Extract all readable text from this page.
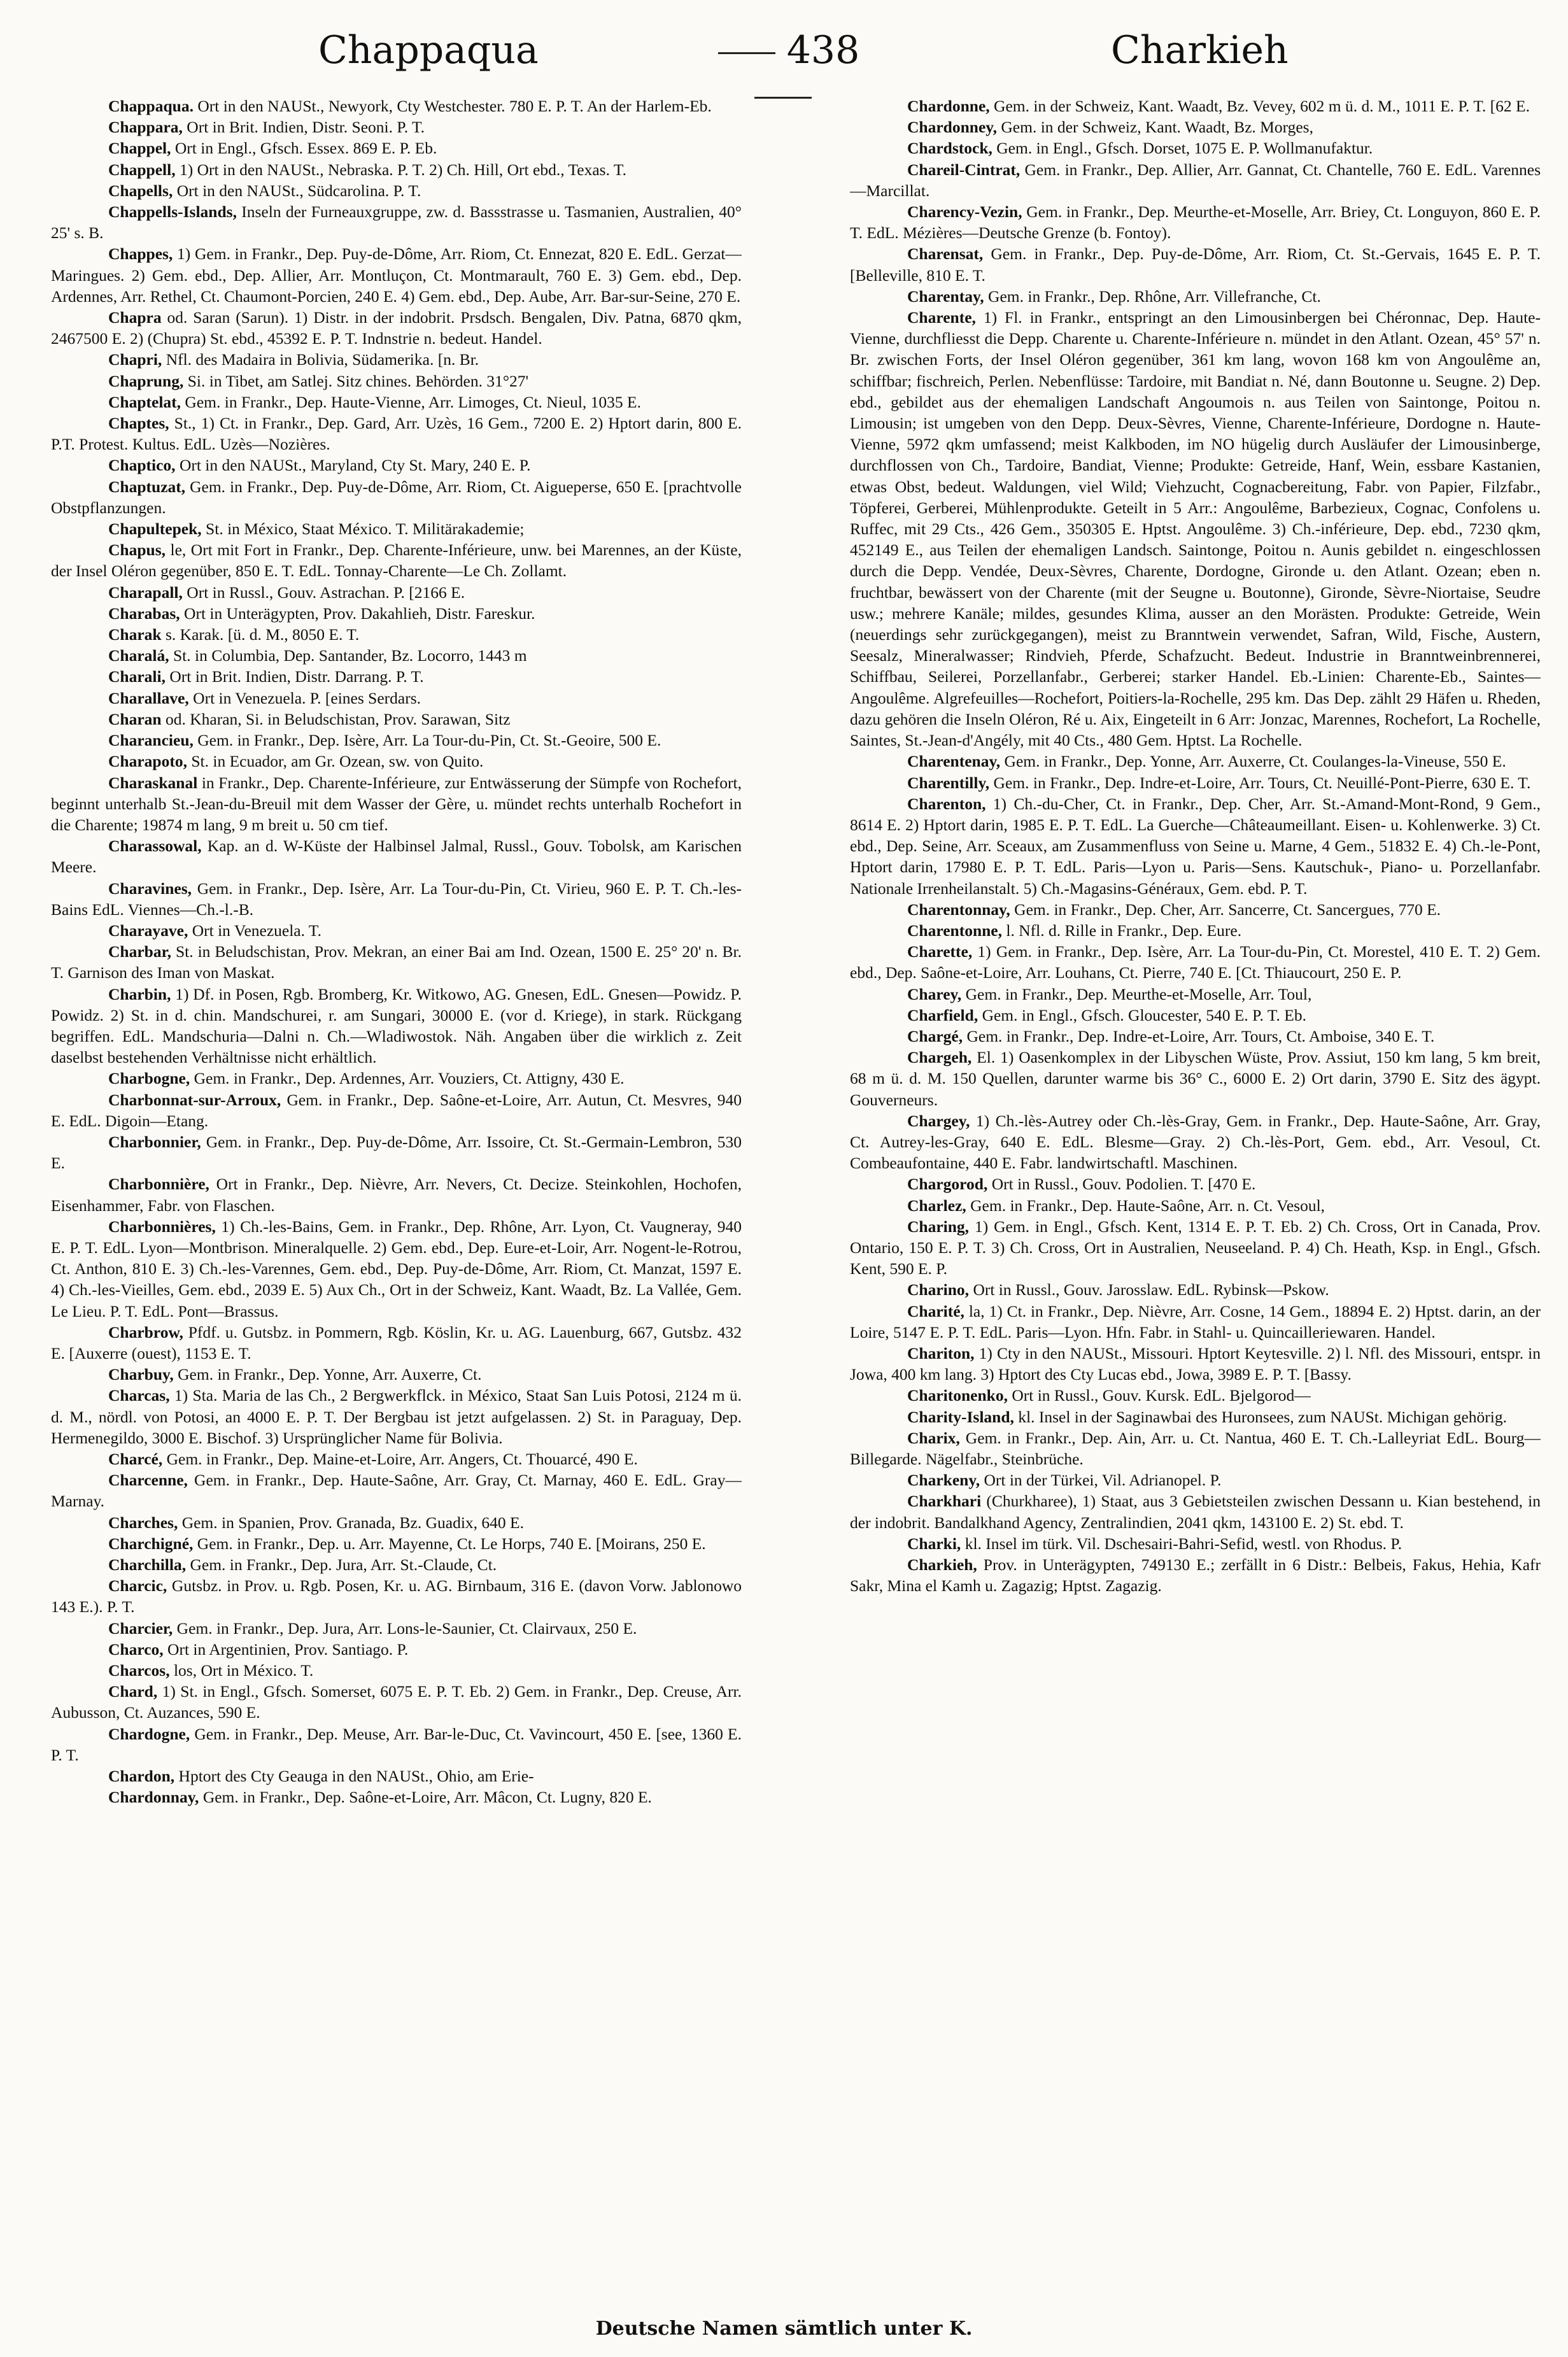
Chappaqua	438	Charkieh

Chappaqua. Ort in den NAUSt., Newyork, Cty Westchester. 780 E. P. T. An der Harlem-Eb.

Chappara, Ort in Brit. Indien, Distr. Seoni. P. T.

Chappel, Ort in Engl., Gfsch. Essex. 869 E. P. Eb.

Chappell, 1) Ort in den NAUSt., Nebraska. P. T. 2) Ch. Hill, Ort ebd., Texas. T.

Chapells, Ort in den NAUSt., Südcarolina. P. T.

Chappells-Islands, Inseln der Furneauxgruppe, zw. d. Bassstrasse u. Tasmanien, Australien, 40° 25' s. B.

Chappes, 1) Gem. in Frankr., Dep. Puy-de-Dôme, Arr. Riom, Ct. Ennezat, 820 E. EdL. Gerzat—Maringues. 2) Gem. ebd., Dep. Allier, Arr. Montluçon, Ct. Montmarault, 760 E. 3) Gem. ebd., Dep. Ardennes, Arr. Rethel, Ct. Chaumont-Porcien, 240 E. 4) Gem. ebd., Dep. Aube, Arr. Bar-sur-Seine, 270 E.

Chapra od. Saran (Sarun). 1) Distr. in der indobrit. Prsdsch. Bengalen, Div. Patna, 6870 qkm, 2467500 E. 2) (Chupra) St. ebd., 45392 E. P. T. Indnstrie n. bedeut. Handel.

Chapri, Nfl. des Madaira in Bolivia, Südamerika. [n. Br.

Chaprung, Si. in Tibet, am Satlej. Sitz chines. Behörden. 31°27'

Chaptelat, Gem. in Frankr., Dep. Haute-Vienne, Arr. Limoges, Ct. Nieul, 1035 E.

Chaptes, St., 1) Ct. in Frankr., Dep. Gard, Arr. Uzès, 16 Gem., 7200 E. 2) Hptort darin, 800 E. P.T. Protest. Kultus. EdL. Uzès—Nozières.

Chaptico, Ort in den NAUSt., Maryland, Cty St. Mary, 240 E. P.

Chaptuzat, Gem. in Frankr., Dep. Puy-de-Dôme, Arr. Riom, Ct. Aigueperse, 650 E. [prachtvolle Obstpflanzungen.

Chapultepek, St. in México, Staat México. T. Militärakademie;

Chapus, le, Ort mit Fort in Frankr., Dep. Charente-Inférieure, unw. bei Marennes, an der Küste, der Insel Oléron gegenüber, 850 E. T. EdL. Tonnay-Charente—Le Ch. Zollamt.

Charapall, Ort in Russl., Gouv. Astrachan. P. [2166 E.

Charabas, Ort in Unterägypten, Prov. Dakahlieh, Distr. Fareskur.

Charak s. Karak. [ü. d. M., 8050 E. T.

Charalá, St. in Columbia, Dep. Santander, Bz. Locorro, 1443 m

Charali, Ort in Brit. Indien, Distr. Darrang. P. T.

Charallave, Ort in Venezuela. P. [eines Serdars.

Charan od. Kharan, Si. in Beludschistan, Prov. Sarawan, Sitz

Charancieu, Gem. in Frankr., Dep. Isère, Arr. La Tour-du-Pin, Ct. St.-Geoire, 500 E.

Charapoto, St. in Ecuador, am Gr. Ozean, sw. von Quito.

Charaskanal in Frankr., Dep. Charente-Inférieure, zur Entwässerung der Sümpfe von Rochefort, beginnt unterhalb St.-Jean-du-Breuil mit dem Wasser der Gère, u. mündet rechts unterhalb Rochefort in die Charente; 19874 m lang, 9 m breit u. 50 cm tief.

Charassowal, Kap. an d. W-Küste der Halbinsel Jalmal, Russl., Gouv. Tobolsk, am Karischen Meere.

Charavines, Gem. in Frankr., Dep. Isère, Arr. La Tour-du-Pin, Ct. Virieu, 960 E. P. T. Ch.-les-Bains EdL. Viennes—Ch.-l.-B.

Charayave, Ort in Venezuela. T.

Charbar, St. in Beludschistan, Prov. Mekran, an einer Bai am Ind. Ozean, 1500 E. 25° 20' n. Br. T. Garnison des Iman von Maskat.

Charbin, 1) Df. in Posen, Rgb. Bromberg, Kr. Witkowo, AG. Gnesen, EdL. Gnesen—Powidz. P. Powidz. 2) St. in d. chin. Mandschurei, r. am Sungari, 30000 E. (vor d. Kriege), in stark. Rückgang begriffen. EdL. Mandschuria—Dalni n. Ch.—Wladiwostok. Näh. Angaben über die wirklich z. Zeit daselbst bestehenden Verhältnisse nicht erhältlich.

Charbogne, Gem. in Frankr., Dep. Ardennes, Arr. Vouziers, Ct. Attigny, 430 E.

Charbonnat-sur-Arroux, Gem. in Frankr., Dep. Saône-et-Loire, Arr. Autun, Ct. Mesvres, 940 E. EdL. Digoin—Etang.

Charbonnier, Gem. in Frankr., Dep. Puy-de-Dôme, Arr. Issoire, Ct. St.-Germain-Lembron, 530 E.

Charbonnière, Ort in Frankr., Dep. Nièvre, Arr. Nevers, Ct. Decize. Steinkohlen, Hochofen, Eisenhammer, Fabr. von Flaschen.

Charbonnières, 1) Ch.-les-Bains, Gem. in Frankr., Dep. Rhône, Arr. Lyon, Ct. Vaugneray, 940 E. P. T. EdL. Lyon—Montbrison. Mineralquelle. 2) Gem. ebd., Dep. Eure-et-Loir, Arr. Nogent-le-Rotrou, Ct. Anthon, 810 E. 3) Ch.-les-Varennes, Gem. ebd., Dep. Puy-de-Dôme, Arr. Riom, Ct. Manzat, 1597 E. 4) Ch.-les-Vieilles, Gem. ebd., 2039 E. 5) Aux Ch., Ort in der Schweiz, Kant. Waadt, Bz. La Vallée, Gem. Le Lieu. P. T. EdL. Pont—Brassus.

Charbrow, Pfdf. u. Gutsbz. in Pommern, Rgb. Köslin, Kr. u. AG. Lauenburg, 667, Gutsbz. 432 E. [Auxerre (ouest), 1153 E. T.

Charbuy, Gem. in Frankr., Dep. Yonne, Arr. Auxerre, Ct.

Charcas, 1) Sta. Maria de las Ch., 2 Bergwerkflck. in México, Staat San Luis Potosi, 2124 m ü. d. M., nördl. von Potosi, an 4000 E. P. T. Der Bergbau ist jetzt aufgelassen. 2) St. in Paraguay, Dep. Hermenegildo, 3000 E. Bischof. 3) Ursprünglicher Name für Bolivia.

Charcé, Gem. in Frankr., Dep. Maine-et-Loire, Arr. Angers, Ct. Thouarcé, 490 E.

Charcenne, Gem. in Frankr., Dep. Haute-Saône, Arr. Gray, Ct. Marnay, 460 E. EdL. Gray—Marnay.

Charches, Gem. in Spanien, Prov. Granada, Bz. Guadix, 640 E.

Charchigné, Gem. in Frankr., Dep. u. Arr. Mayenne, Ct. Le Horps, 740 E. [Moirans, 250 E.

Charchilla, Gem. in Frankr., Dep. Jura, Arr. St.-Claude, Ct.

Charcic, Gutsbz. in Prov. u. Rgb. Posen, Kr. u. AG. Birnbaum, 316 E. (davon Vorw. Jablonowo 143 E.). P. T.

Charcier, Gem. in Frankr., Dep. Jura, Arr. Lons-le-Saunier, Ct. Clairvaux, 250 E.

Charco, Ort in Argentinien, Prov. Santiago. P.

Charcos, los, Ort in México. T.

Chard, 1) St. in Engl., Gfsch. Somerset, 6075 E. P. T. Eb. 2) Gem. in Frankr., Dep. Creuse, Arr. Aubusson, Ct. Auzances, 590 E.

Chardogne, Gem. in Frankr., Dep. Meuse, Arr. Bar-le-Duc, Ct. Vavincourt, 450 E. [see, 1360 E. P. T.

Chardon, Hptort des Cty Geauga in den NAUSt., Ohio, am Erie-

Chardonnay, Gem. in Frankr., Dep. Saône-et-Loire, Arr. Mâcon, Ct. Lugny, 820 E.

Chardonne, Gem. in der Schweiz, Kant. Waadt, Bz. Vevey, 602 m ü. d. M., 1011 E. P. T. [62 E.

Chardonney, Gem. in der Schweiz, Kant. Waadt, Bz. Morges,

Chardstock, Gem. in Engl., Gfsch. Dorset, 1075 E. P. Wollmanufaktur.

Chareil-Cintrat, Gem. in Frankr., Dep. Allier, Arr. Gannat, Ct. Chantelle, 760 E. EdL. Varennes—Marcillat.

Charency-Vezin, Gem. in Frankr., Dep. Meurthe-et-Moselle, Arr. Briey, Ct. Longuyon, 860 E. P. T. EdL. Mézières—Deutsche Grenze (b. Fontoy).

Charensat, Gem. in Frankr., Dep. Puy-de-Dôme, Arr. Riom, Ct. St.-Gervais, 1645 E. P. T. [Belleville, 810 E. T.

Charentay, Gem. in Frankr., Dep. Rhône, Arr. Villefranche, Ct.

Charente, 1) Fl. in Frankr., entspringt an den Limousinbergen bei Chéronnac, Dep. Haute-Vienne, durchfliesst die Depp. Charente u. Charente-Inférieure n. mündet in den Atlant. Ozean, 45° 57' n. Br. zwischen Forts, der Insel Oléron gegenüber, 361 km lang, wovon 168 km von Angoulême an, schiffbar; fischreich, Perlen. Nebenflüsse: Tardoire, mit Bandiat n. Né, dann Boutonne u. Seugne. 2) Dep. ebd., gebildet aus der ehemaligen Landschaft Angoumois n. aus Teilen von Saintonge, Poitou n. Limousin; ist umgeben von den Depp. Deux-Sèvres, Vienne, Charente-Inférieure, Dordogne n. Haute-Vienne, 5972 qkm umfassend; meist Kalkboden, im NO hügelig durch Ausläufer der Limousinberge, durchflossen von Ch., Tardoire, Bandiat, Vienne; Produkte: Getreide, Hanf, Wein, essbare Kastanien, etwas Obst, bedeut. Waldungen, viel Wild; Viehzucht, Cognacbereitung, Fabr. von Papier, Filzfabr., Töpferei, Gerberei, Mühlenprodukte. Geteilt in 5 Arr.: Angoulême, Barbezieux, Cognac, Confolens u. Ruffec, mit 29 Cts., 426 Gem., 350305 E. Hptst. Angoulême. 3) Ch.-inférieure, Dep. ebd., 7230 qkm, 452149 E., aus Teilen der ehemaligen Landsch. Saintonge, Poitou n. Aunis gebildet n. eingeschlossen durch die Depp. Vendée, Deux-Sèvres, Charente, Dordogne, Gironde u. den Atlant. Ozean; eben n. fruchtbar, bewässert von der Charente (mit der Seugne u. Boutonne), Gironde, Sèvre-Niortaise, Seudre usw.; mehrere Kanäle; mildes, gesundes Klima, ausser an den Morästen. Produkte: Getreide, Wein (neuerdings sehr zurückgegangen), meist zu Branntwein verwendet, Safran, Wild, Fische, Austern, Seesalz, Mineralwasser; Rindvieh, Pferde, Schafzucht. Bedeut. Industrie in Branntweinbrennerei, Schiffbau, Seilerei, Porzellanfabr., Gerberei; starker Handel. Eb.-Linien: Charente-Eb., Saintes—Angoulême. Algrefeuilles—Rochefort, Poitiers-la-Rochelle, 295 km. Das Dep. zählt 29 Häfen u. Rheden, dazu gehören die Inseln Oléron, Ré u. Aix, Eingeteilt in 6 Arr: Jonzac, Marennes, Rochefort, La Rochelle, Saintes, St.-Jean-d'Angély, mit 40 Cts., 480 Gem. Hptst. La Rochelle.

Charentenay, Gem. in Frankr., Dep. Yonne, Arr. Auxerre, Ct. Coulanges-la-Vineuse, 550 E.

Charentilly, Gem. in Frankr., Dep. Indre-et-Loire, Arr. Tours, Ct. Neuillé-Pont-Pierre, 630 E. T.

Charenton, 1) Ch.-du-Cher, Ct. in Frankr., Dep. Cher, Arr. St.-Amand-Mont-Rond, 9 Gem., 8614 E. 2) Hptort darin, 1985 E. P. T. EdL. La Guerche—Châteaumeillant. Eisen- u. Kohlenwerke. 3) Ct. ebd., Dep. Seine, Arr. Sceaux, am Zusammenfluss von Seine u. Marne, 4 Gem., 51832 E. 4) Ch.-le-Pont, Hptort darin, 17980 E. P. T. EdL. Paris—Lyon u. Paris—Sens. Kautschuk-, Piano- u. Porzellanfabr. Nationale Irrenheilanstalt. 5) Ch.-Magasins-Généraux, Gem. ebd. P. T.

Charentonnay, Gem. in Frankr., Dep. Cher, Arr. Sancerre, Ct. Sancergues, 770 E.

Charentonne, l. Nfl. d. Rille in Frankr., Dep. Eure.

Charette, 1) Gem. in Frankr., Dep. Isère, Arr. La Tour-du-Pin, Ct. Morestel, 410 E. T. 2) Gem. ebd., Dep. Saône-et-Loire, Arr. Louhans, Ct. Pierre, 740 E. [Ct. Thiaucourt, 250 E. P.

Charey, Gem. in Frankr., Dep. Meurthe-et-Moselle, Arr. Toul,

Charfield, Gem. in Engl., Gfsch. Gloucester, 540 E. P. T. Eb.

Chargé, Gem. in Frankr., Dep. Indre-et-Loire, Arr. Tours, Ct. Amboise, 340 E. T.

Chargeh, El. 1) Oasenkomplex in der Libyschen Wüste, Prov. Assiut, 150 km lang, 5 km breit, 68 m ü. d. M. 150 Quellen, darunter warme bis 36° C., 6000 E. 2) Ort darin, 3790 E. Sitz des ägypt. Gouverneurs.

Chargey, 1) Ch.-lès-Autrey oder Ch.-lès-Gray, Gem. in Frankr., Dep. Haute-Saône, Arr. Gray, Ct. Autrey-les-Gray, 640 E. EdL. Blesme—Gray. 2) Ch.-lès-Port, Gem. ebd., Arr. Vesoul, Ct. Combeaufontaine, 440 E. Fabr. landwirtschaftl. Maschinen.

Chargorod, Ort in Russl., Gouv. Podolien. T. [470 E.

Charlez, Gem. in Frankr., Dep. Haute-Saône, Arr. n. Ct. Vesoul,

Charing, 1) Gem. in Engl., Gfsch. Kent, 1314 E. P. T. Eb. 2) Ch. Cross, Ort in Canada, Prov. Ontario, 150 E. P. T. 3) Ch. Cross, Ort in Australien, Neuseeland. P. 4) Ch. Heath, Ksp. in Engl., Gfsch. Kent, 590 E. P.

Charino, Ort in Russl., Gouv. Jarosslaw. EdL. Rybinsk—Pskow.

Charité, la, 1) Ct. in Frankr., Dep. Nièvre, Arr. Cosne, 14 Gem., 18894 E. 2) Hptst. darin, an der Loire, 5147 E. P. T. EdL. Paris—Lyon. Hfn. Fabr. in Stahl- u. Quincailleriewaren. Handel.

Chariton, 1) Cty in den NAUSt., Missouri. Hptort Keytesville. 2) l. Nfl. des Missouri, entspr. in Jowa, 400 km lang. 3) Hptort des Cty Lucas ebd., Jowa, 3989 E. P. T. [Bassy.

Charitonenko, Ort in Russl., Gouv. Kursk. EdL. Bjelgorod—

Charity-Island, kl. Insel in der Saginawbai des Huronsees, zum NAUSt. Michigan gehörig.

Charix, Gem. in Frankr., Dep. Ain, Arr. u. Ct. Nantua, 460 E. T. Ch.-Lalleyriat EdL. Bourg—Billegarde. Nägelfabr., Steinbrüche.

Charkeny, Ort in der Türkei, Vil. Adrianopel. P.

Charkhari (Churkharee), 1) Staat, aus 3 Gebietsteilen zwischen Dessann u. Kian bestehend, in der indobrit. Bandalkhand Agency, Zentralindien, 2041 qkm, 143100 E. 2) St. ebd. T.

Charki, kl. Insel im türk. Vil. Dschesairi-Bahri-Sefid, westl. von Rhodus. P.

Charkieh, Prov. in Unterägypten, 749130 E.; zerfällt in 6 Distr.: Belbeis, Fakus, Hehia, Kafr Sakr, Mina el Kamh u. Zagazig; Hptst. Zagazig.

Deutsche Namen sämtlich unter K.
